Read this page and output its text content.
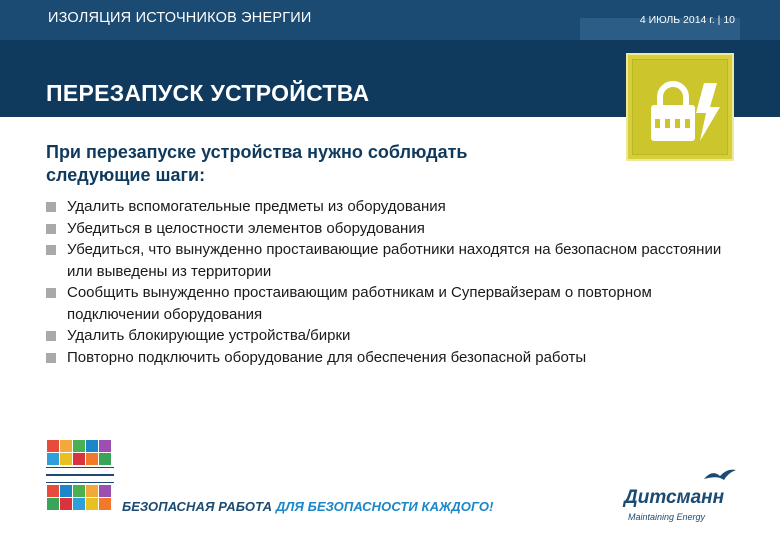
ИЗОЛЯЦИЯ ИСТОЧНИКОВ ЭНЕРГИИ	4 ИЮЛЬ 2014 г. | 10
ПЕРЕЗАПУСК УСТРОЙСТВА
При перезапуске устройства нужно соблюдать следующие шаги:
Удалить вспомогательные предметы из оборудования
Убедиться в целостности элементов оборудования
Убедиться, что вынужденно простаивающие работники находятся на безопасном расстоянии или выведены из территории
Сообщить вынужденно простаивающим работникам и Супервайзерам о повторном подключении оборудования
Удалить блокирующие устройства/бирки
Повторно подключить оборудование для обеспечения безопасной работы
БЕЗОПАСНАЯ РАБОТА ДЛЯ БЕЗОПАСНОСТИ КАЖДОГО!	Дитсманн
Maintaining Energy
